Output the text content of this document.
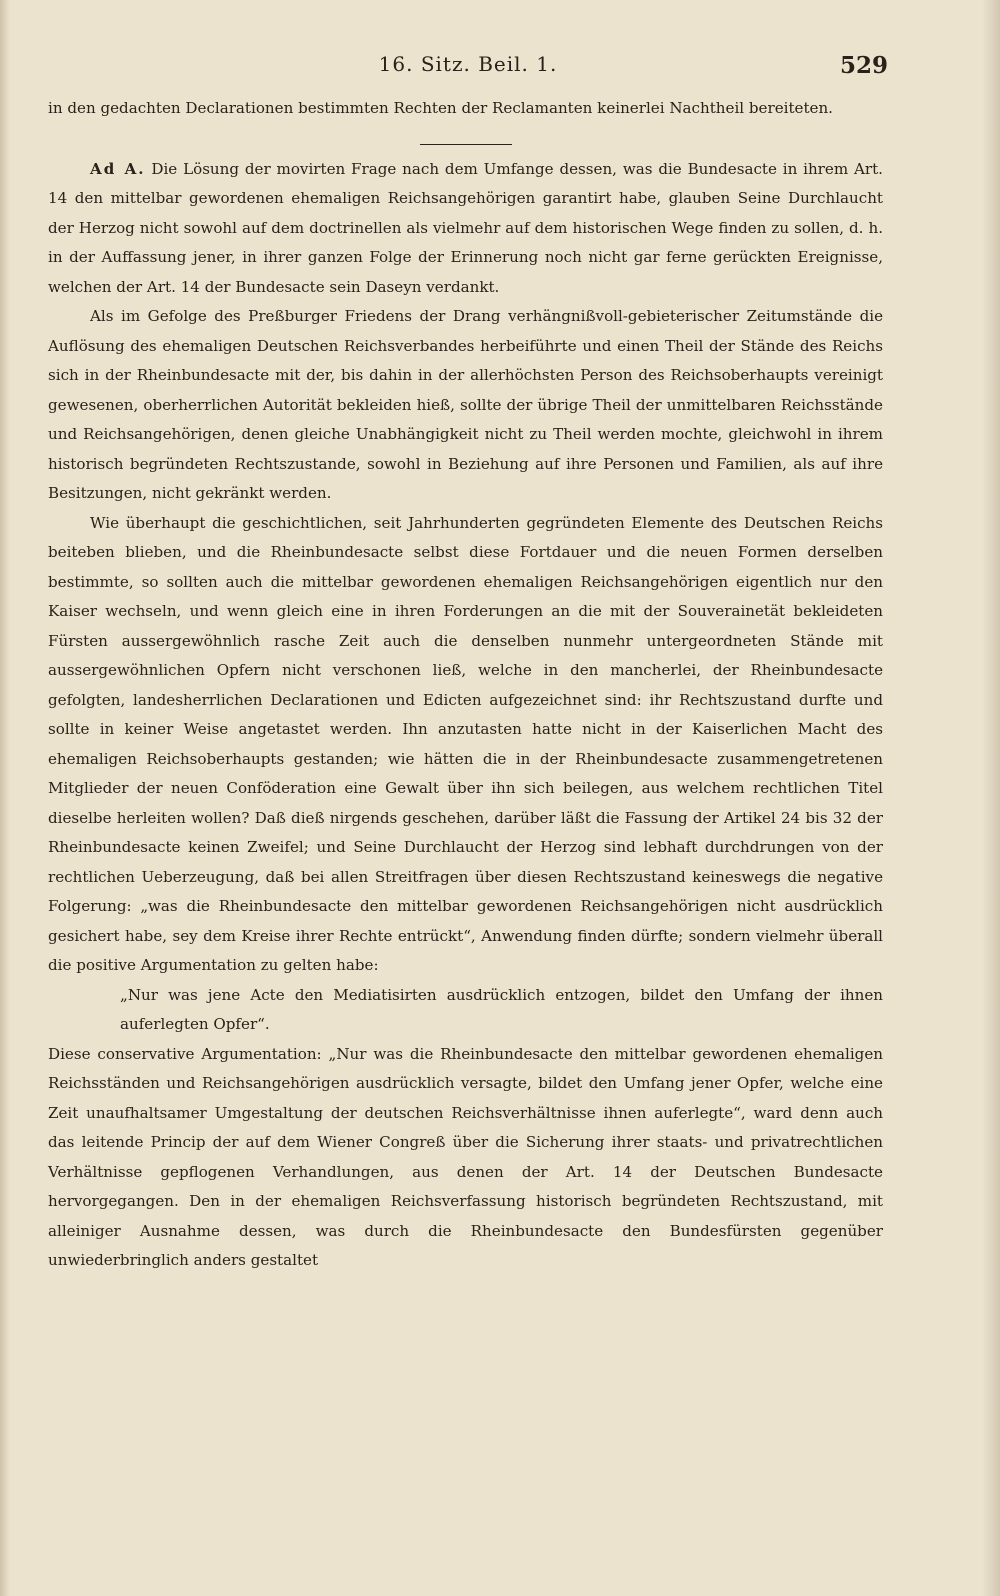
16. Sitz. Beil. 1.	529

in den gedachten Declarationen bestimmten Rechten der Reclamanten keinerlei Nachtheil bereiteten.

Ad A. Die Lösung der movirten Frage nach dem Umfange dessen, was die Bundesacte in ihrem Art. 14 den mittelbar gewordenen ehemaligen Reichsangehörigen garantirt habe, glauben Seine Durchlaucht der Herzog nicht sowohl auf dem doctrinellen als vielmehr auf dem historischen Wege finden zu sollen, d. h. in der Auffassung jener, in ihrer ganzen Folge der Erinnerung noch nicht gar ferne gerückten Ereignisse, welchen der Art. 14 der Bundesacte sein Daseyn verdankt.

Als im Gefolge des Preßburger Friedens der Drang verhängnißvoll-gebieterischer Zeitumstände die Auflösung des ehemaligen Deutschen Reichsverbandes herbeiführte und einen Theil der Stände des Reichs sich in der Rheinbundesacte mit der, bis dahin in der allerhöchsten Person des Reichsoberhaupts vereinigt gewesenen, oberherrlichen Autorität bekleiden hieß, sollte der übrige Theil der unmittelbaren Reichsstände und Reichsangehörigen, denen gleiche Unabhängigkeit nicht zu Theil werden mochte, gleichwohl in ihrem historisch begründeten Rechtszustande, sowohl in Beziehung auf ihre Personen und Familien, als auf ihre Besitzungen, nicht gekränkt werden.

Wie überhaupt die geschichtlichen, seit Jahrhunderten gegründeten Elemente des Deutschen Reichs beiteben blieben, und die Rheinbundesacte selbst diese Fortdauer und die neuen Formen derselben bestimmte, so sollten auch die mittelbar gewordenen ehemaligen Reichsangehörigen eigentlich nur den Kaiser wechseln, und wenn gleich eine in ihren Forderungen an die mit der Souverainetät bekleideten Fürsten aussergewöhnlich rasche Zeit auch die denselben nunmehr untergeordneten Stände mit aussergewöhnlichen Opfern nicht verschonen ließ, welche in den mancherlei, der Rheinbundesacte gefolgten, landesherrlichen Declarationen und Edicten aufgezeichnet sind: ihr Rechtszustand durfte und sollte in keiner Weise angetastet werden. Ihn anzutasten hatte nicht in der Kaiserlichen Macht des ehemaligen Reichsoberhaupts gestanden; wie hätten die in der Rheinbundesacte zusammengetretenen Mitglieder der neuen Conföderation eine Gewalt über ihn sich beilegen, aus welchem rechtlichen Titel dieselbe herleiten wollen? Daß dieß nirgends geschehen, darüber läßt die Fassung der Artikel 24 bis 32 der Rheinbundesacte keinen Zweifel; und Seine Durchlaucht der Herzog sind lebhaft durchdrungen von der rechtlichen Ueberzeugung, daß bei allen Streitfragen über diesen Rechtszustand keineswegs die negative Folgerung: „was die Rheinbundesacte den mittelbar gewordenen Reichsangehörigen nicht ausdrücklich gesichert habe, sey dem Kreise ihrer Rechte entrückt“, Anwendung finden dürfte; sondern vielmehr überall die positive Argumentation zu gelten habe:

„Nur was jene Acte den Mediatisirten ausdrücklich entzogen, bildet den Umfang der ihnen auferlegten Opfer“.

Diese conservative Argumentation: „Nur was die Rheinbundesacte den mittelbar gewordenen ehemaligen Reichsständen und Reichsangehörigen ausdrücklich versagte, bildet den Umfang jener Opfer, welche eine Zeit unaufhaltsamer Umgestaltung der deutschen Reichsverhältnisse ihnen auferlegte“, ward denn auch das leitende Princip der auf dem Wiener Congreß über die Sicherung ihrer staats- und privatrechtlichen Verhältnisse gepflogenen Verhandlungen, aus denen der Art. 14 der Deutschen Bundesacte hervorgegangen. Den in der ehemaligen Reichsverfassung historisch begründeten Rechtszustand, mit alleiniger Ausnahme dessen, was durch die Rheinbundesacte den Bundesfürsten gegenüber unwiederbringlich anders gestaltet
